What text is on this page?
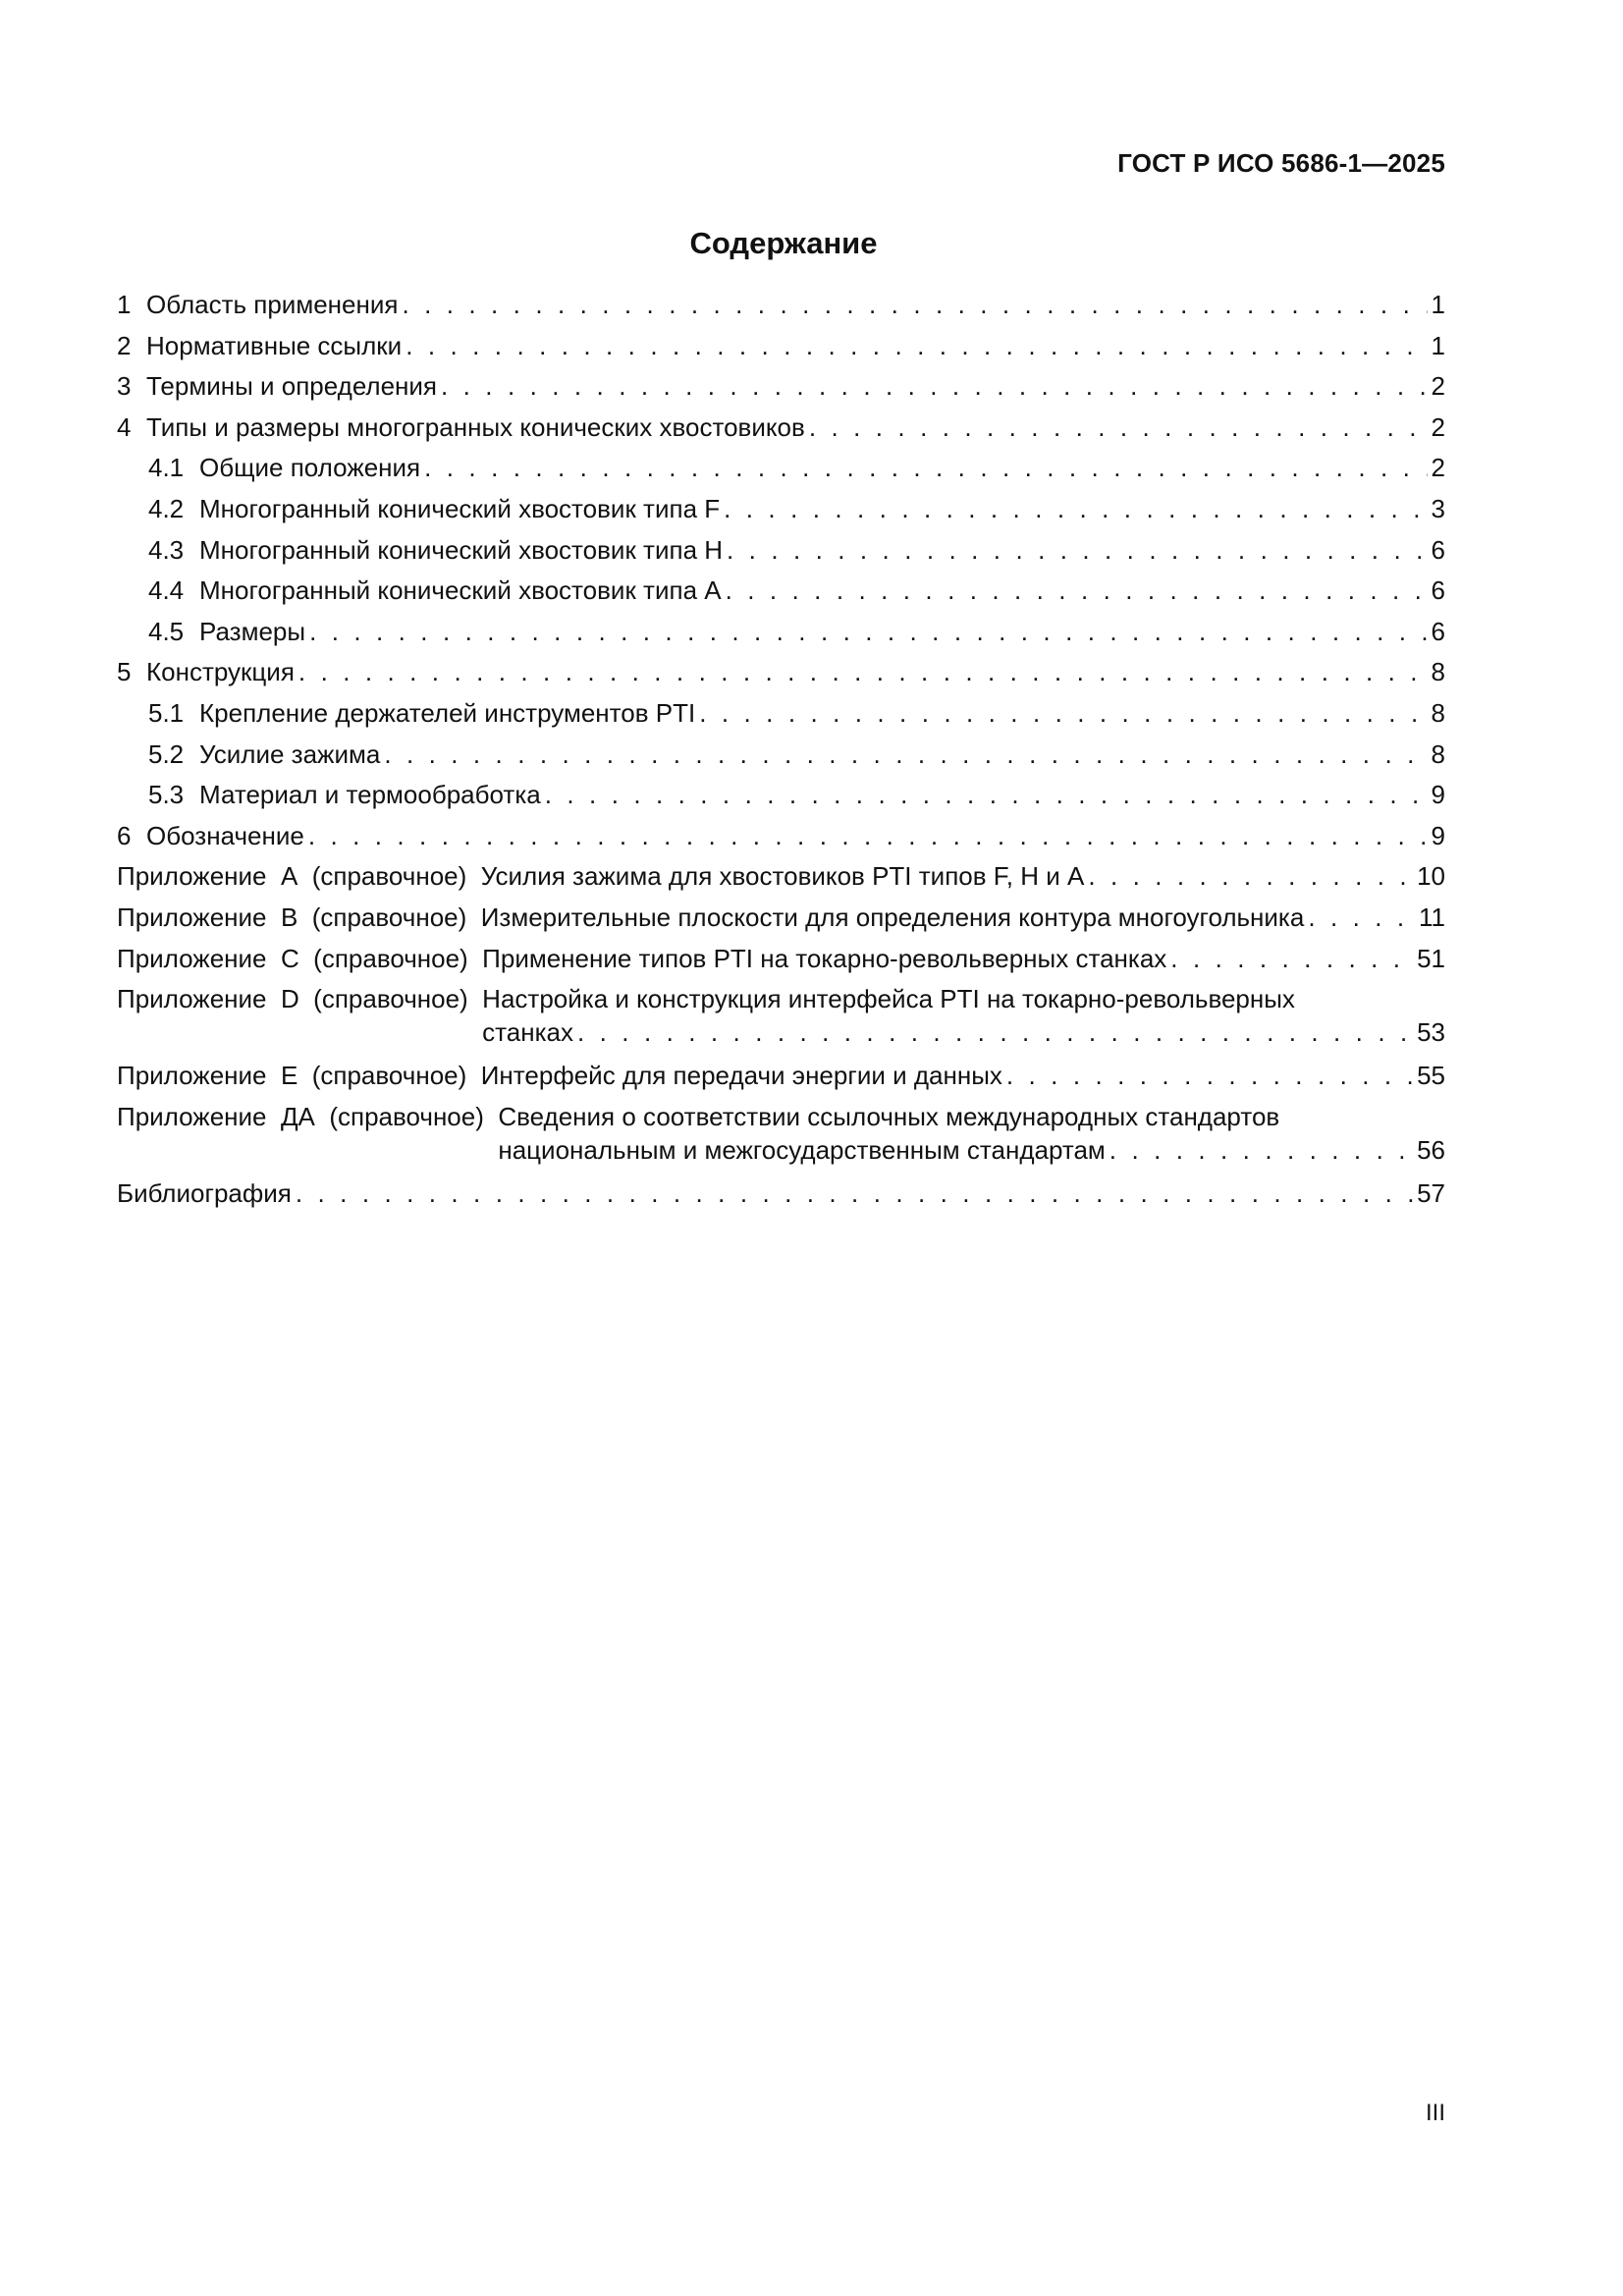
ГОСТ Р ИСО 5686-1—2025
Содержание
1 Область применения . . .	1
2 Нормативные ссылки . . .	1
3 Термины и определения . . .	2
4 Типы и размеры многогранных конических хвостовиков . . .	2
4.1 Общие положения . . .	2
4.2 Многогранный конический хвостовик типа F . . .	3
4.3 Многогранный конический хвостовик типа H . . .	6
4.4 Многогранный конический хвостовик типа A . . .	6
4.5 Размеры . . .	6
5 Конструкция . . .	8
5.1 Крепление держателей инструментов PTI . . .	8
5.2 Усилие зажима . . .	8
5.3 Материал и термообработка . . .	9
6 Обозначение . . .	9
Приложение  А  (справочное) Усилия зажима для хвостовиков PTI типов F, H и A . . .	10
Приложение  В  (справочное) Измерительные плоскости для определения контура многоугольника . . .	11
Приложение  С  (справочное) Применение типов PTI на токарно-револьверных станках . . .	51
Приложение  D  (справочное) Настройка и конструкция интерфейса PTI на токарно-револьверных
станках . . .	53
Приложение  Е  (справочное) Интерфейс для передачи энергии и данных . . .	55
Приложение  ДА  (справочное) Сведения о соответствии ссылочных международных стандартов
национальным и межгосударственным стандартам . . .	56
Библиография . . .	57
III
